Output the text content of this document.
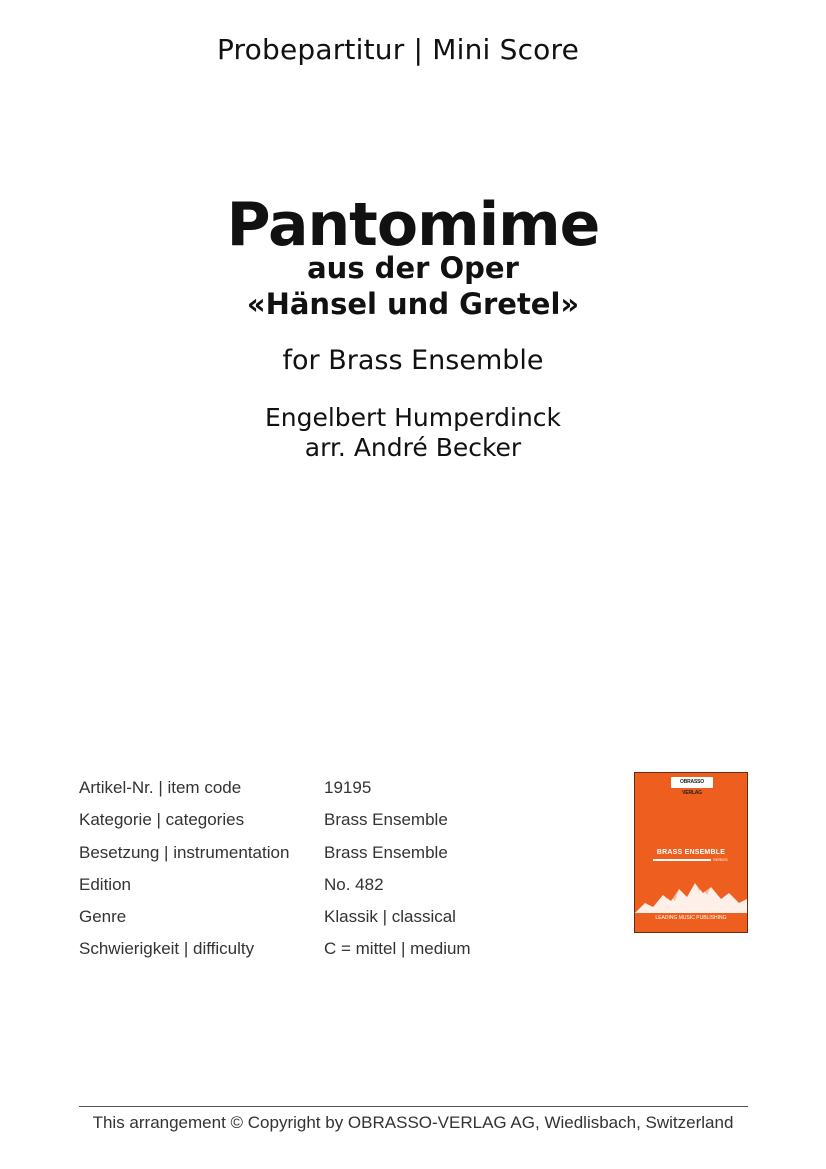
Probepartitur | Mini Score
Pantomime
aus der Oper
«Hänsel und Gretel»
for Brass Ensemble
Engelbert Humperdinck
arr. André Becker
Artikel-Nr. | item code	19195
Kategorie | categories	Brass Ensemble
Besetzung | instrumentation	Brass Ensemble
Edition	No. 482
Genre	Klassik | classical
Schwierigkeit | difficulty	C = mittel | medium
OBRASSO VERLAG
BRASS ENSEMBLE
SERIES
LEADING MUSIC PUBLISHING
This arrangement © Copyright by OBRASSO-VERLAG AG, Wiedlisbach, Switzerland
